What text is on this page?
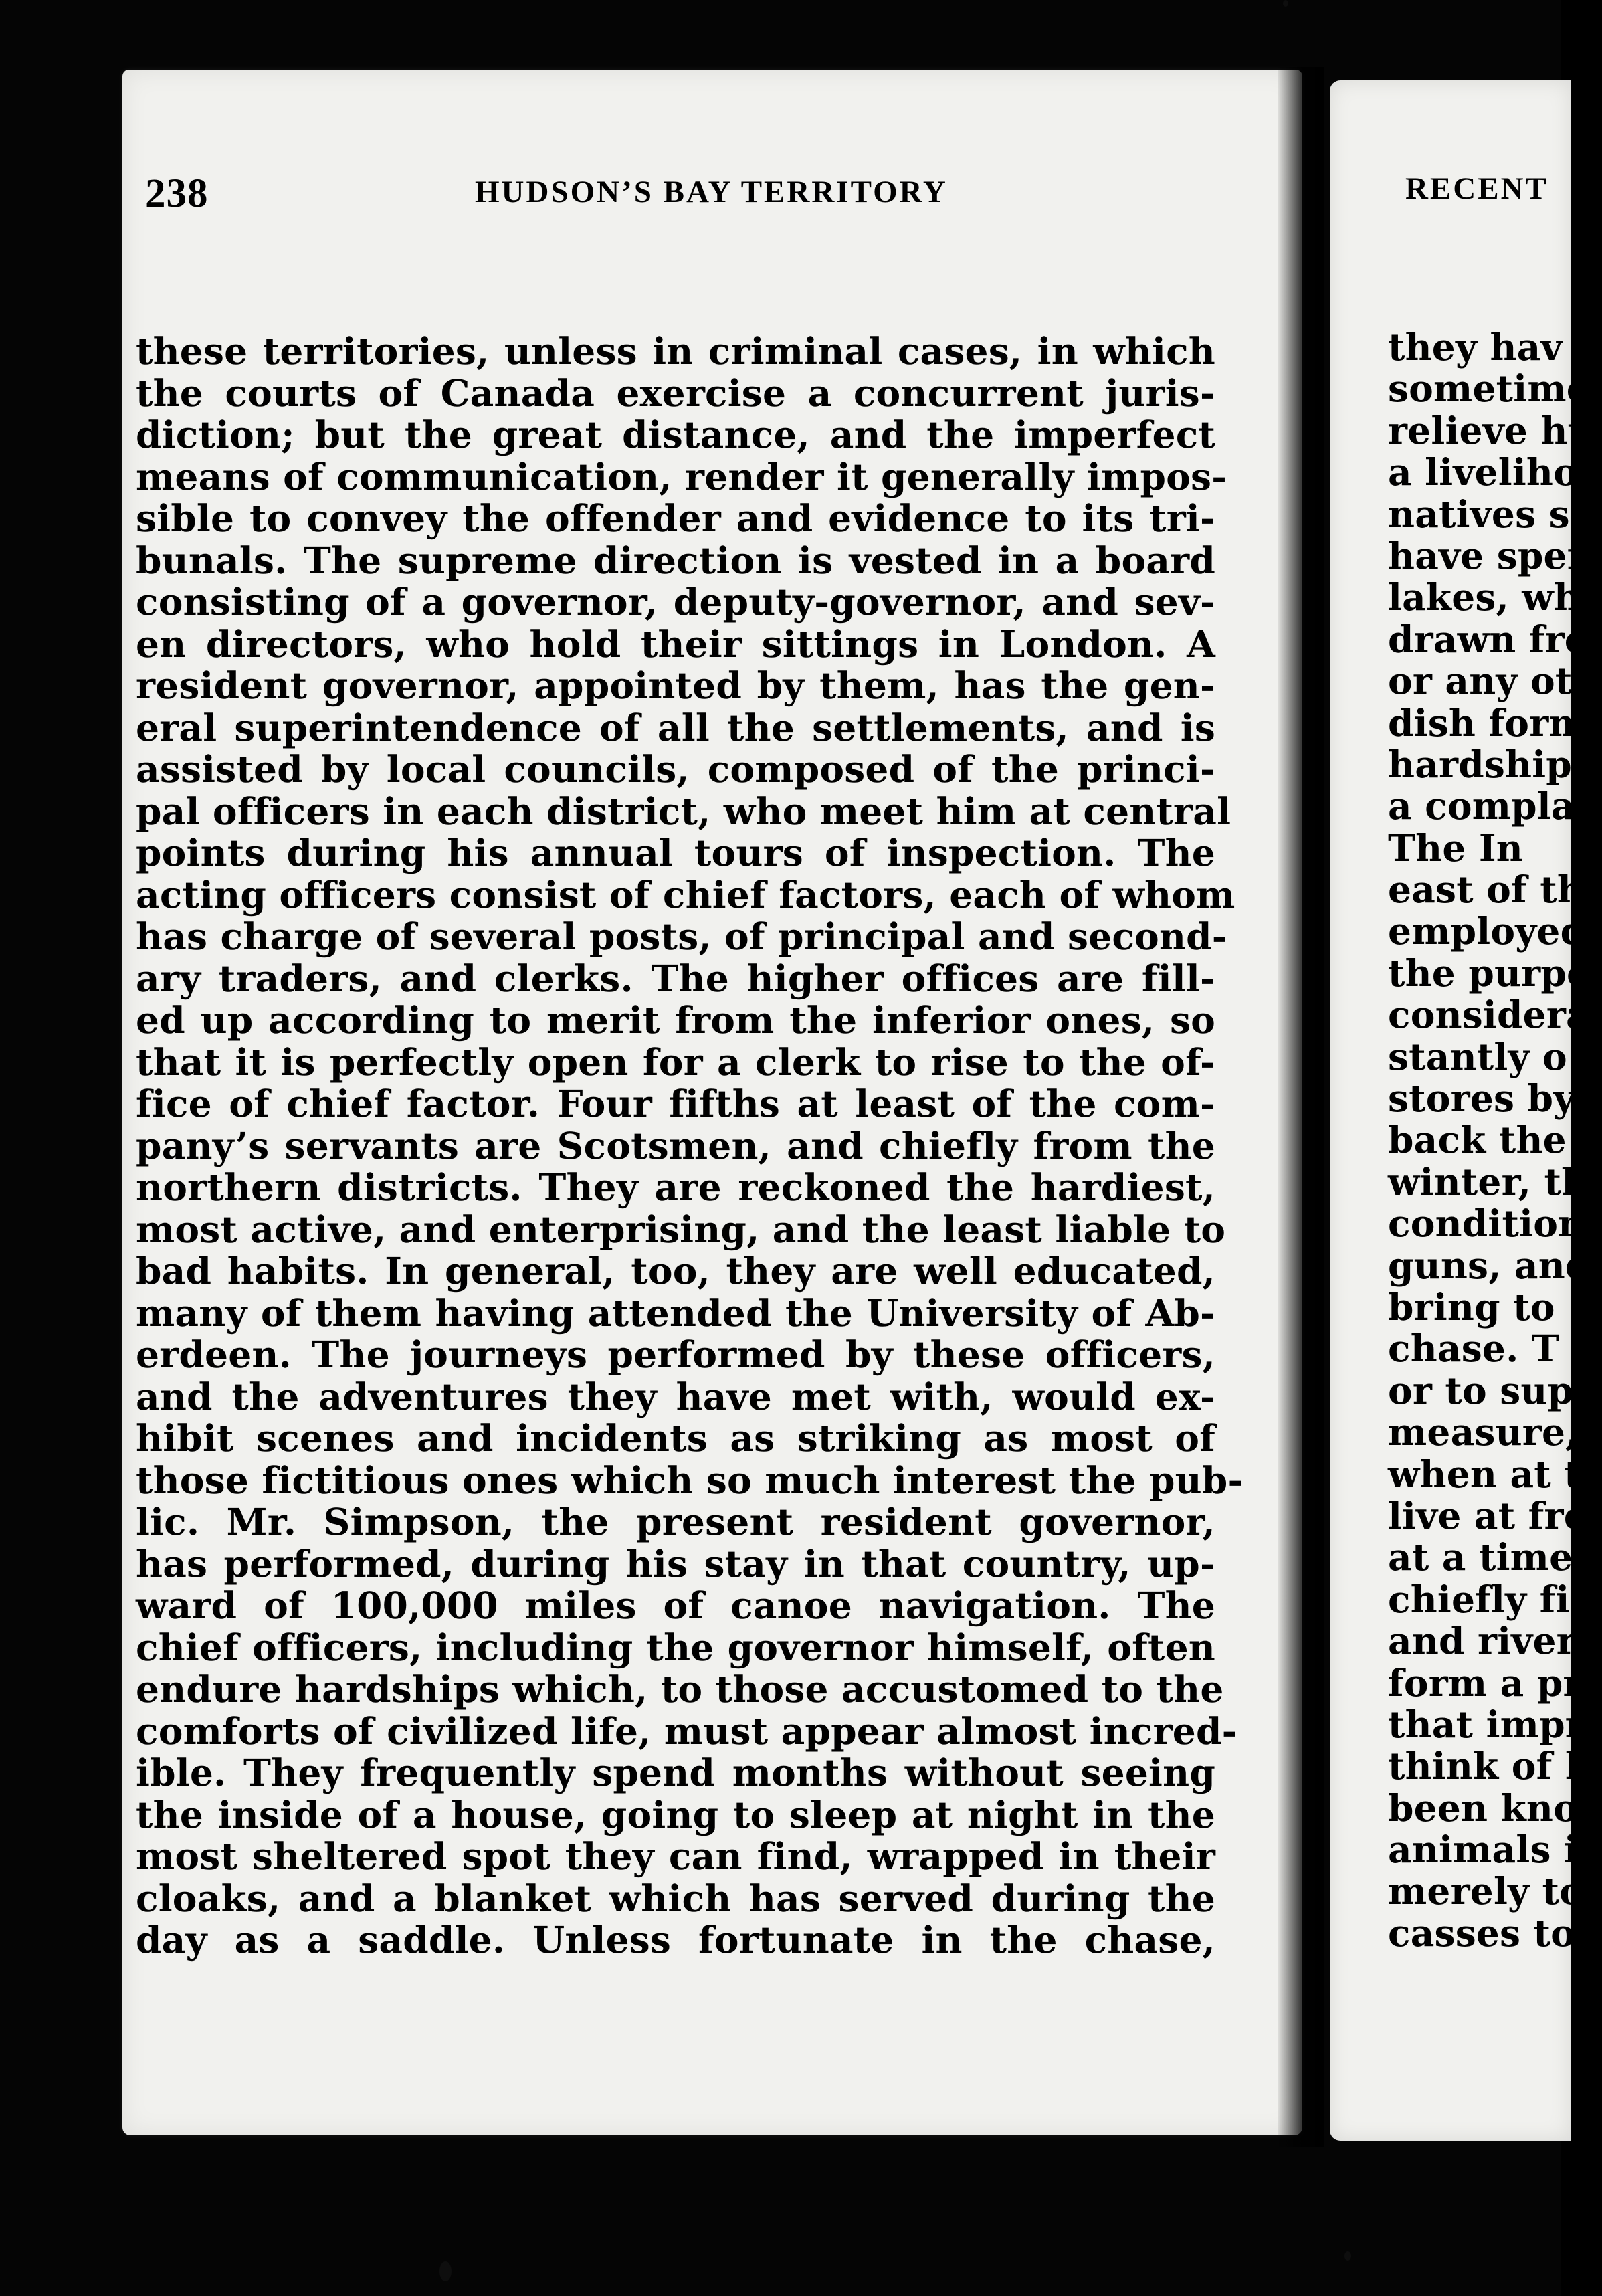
238	HUDSON’S BAY TERRITORY
these territories, unless in criminal cases, in which
the courts of Canada exercise a concurrent juris-
diction; but the great distance, and the imperfect
means of communication, render it generally impos-
sible to convey the offender and evidence to its tri-
bunals. The supreme direction is vested in a board
consisting of a governor, deputy-governor, and sev-
en directors, who hold their sittings in London. A
resident governor, appointed by them, has the gen-
eral superintendence of all the settlements, and is
assisted by local councils, composed of the princi-
pal officers in each district, who meet him at central
points during his annual tours of inspection. The
acting officers consist of chief factors, each of whom
has charge of several posts, of principal and second-
ary traders, and clerks. The higher offices are fill-
ed up according to merit from the inferior ones, so
that it is perfectly open for a clerk to rise to the of-
fice of chief factor. Four fifths at least of the com-
pany’s servants are Scotsmen, and chiefly from the
northern districts. They are reckoned the hardiest,
most active, and enterprising, and the least liable to
bad habits. In general, too, they are well educated,
many of them having attended the University of Ab-
erdeen. The journeys performed by these officers,
and the adventures they have met with, would ex-
hibit scenes and incidents as striking as most of
those fictitious ones which so much interest the pub-
lic. Mr. Simpson, the present resident governor,
has performed, during his stay in that country, up-
ward of 100,000 miles of canoe navigation. The
chief officers, including the governor himself, often
endure hardships which, to those accustomed to the
comforts of civilized life, must appear almost incred-
ible. They frequently spend months without seeing
the inside of a house, going to sleep at night in the
most sheltered spot they can find, wrapped in their
cloaks, and a blanket which has served during the
day as a saddle. Unless fortunate in the chase,
RECENT
they hav
sometime
relieve hu
a liveliho
natives so
have sper
lakes, wh
drawn fro
or any oth
dish formi
hardships
a complai
The In
east of th
employed
the purpo
considera
stantly o
stores by
back the
winter, th
condition
guns, and
bring to
chase. T
or to sup
measure,
when at t
live at fre
at a time
chiefly fis
and river
form a pr
that impr
think of l
been kno
animals i
merely to
casses to
